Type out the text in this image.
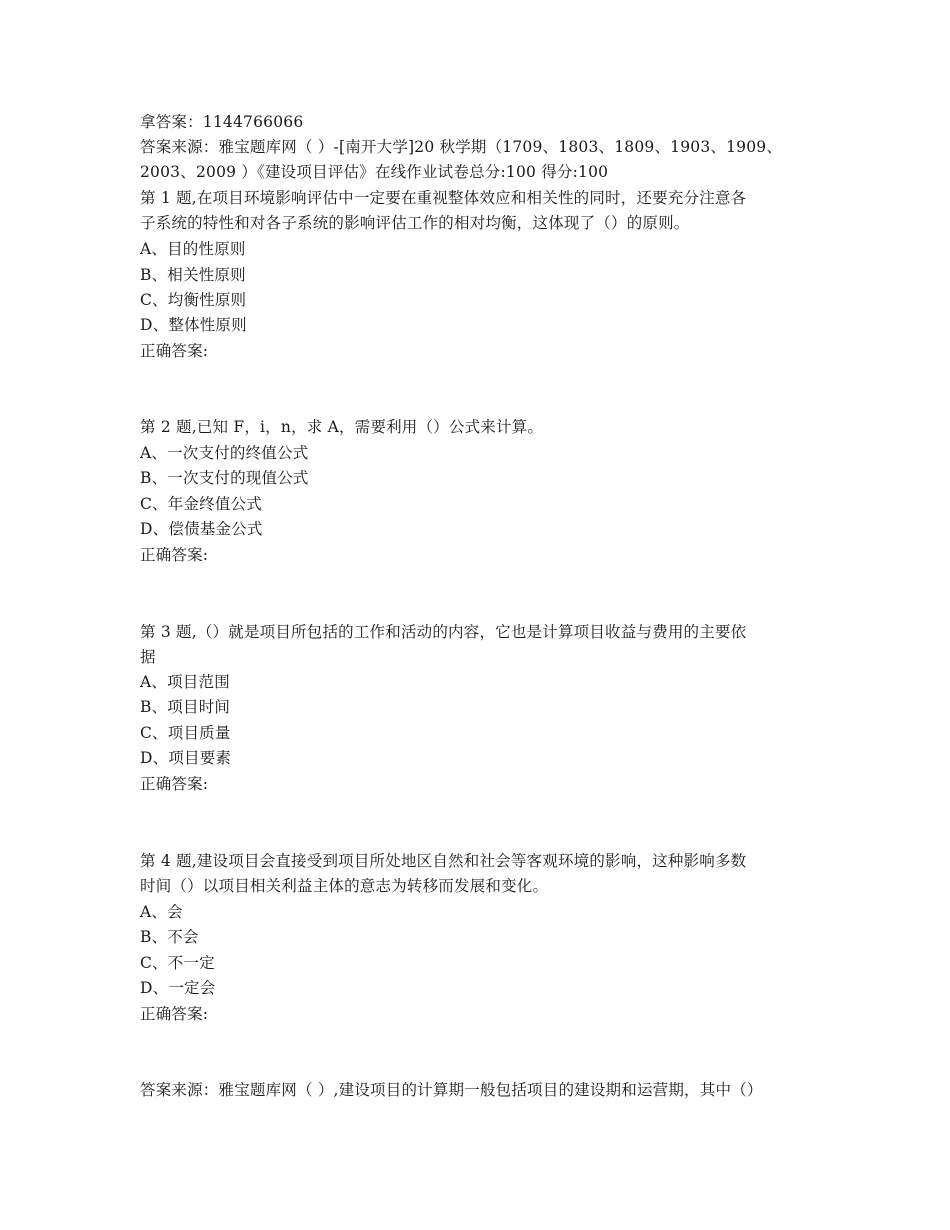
拿答案：1144766066
答案来源：雅宝题库网（ ）-[南开大学]20 秋学期（1709、1803、1809、1903、1909、
2003、2009 ）《建设项目评估》在线作业试卷总分:100 得分:100
第 1 题,在项目环境影响评估中一定要在重视整体效应和相关性的同时，还要充分注意各
子系统的特性和对各子系统的影响评估工作的相对均衡，这体现了（）的原则。
A、目的性原则
B、相关性原则
C、均衡性原则
D、整体性原则
正确答案:
第 2 题,已知 F，i，n，求 A，需要利用（）公式来计算。
A、一次支付的终值公式
B、一次支付的现值公式
C、年金终值公式
D、偿债基金公式
正确答案:
第 3 题,（）就是项目所包括的工作和活动的内容，它也是计算项目收益与费用的主要依
据
A、项目范围
B、项目时间
C、项目质量
D、项目要素
正确答案:
第 4 题,建设项目会直接受到项目所处地区自然和社会等客观环境的影响，这种影响多数
时间（）以项目相关利益主体的意志为转移而发展和变化。
A、会
B、不会
C、不一定
D、一定会
正确答案:
答案来源：雅宝题库网（ ）,建设项目的计算期一般包括项目的建设期和运营期，其中（）
